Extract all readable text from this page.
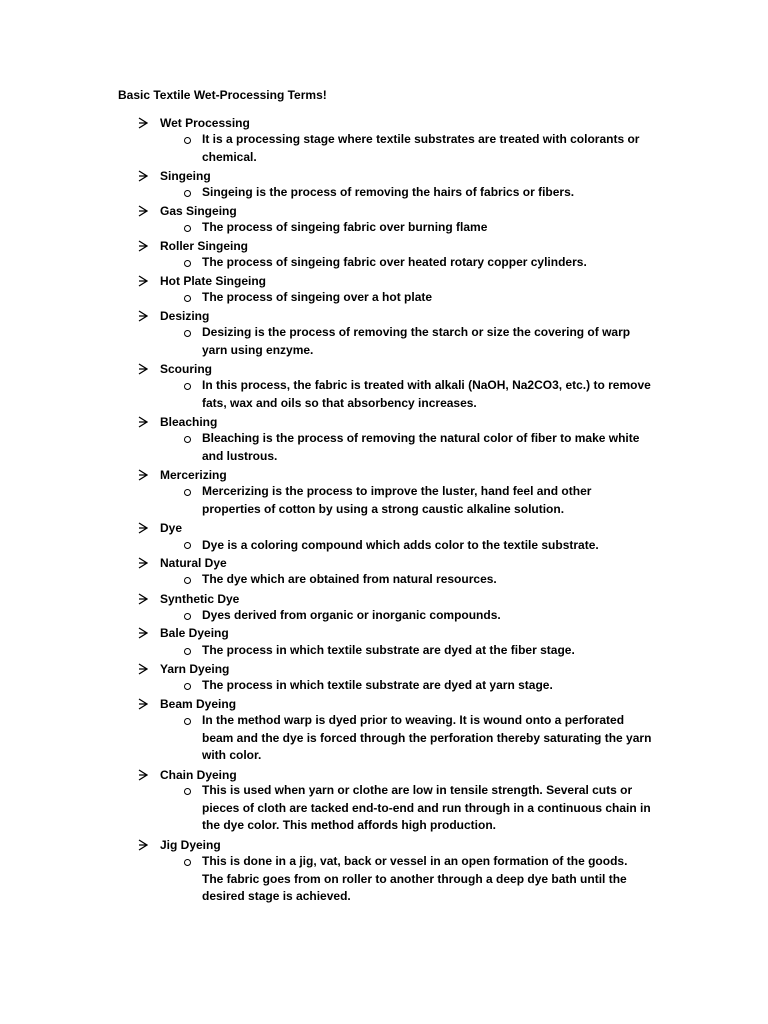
Basic Textile Wet-Processing Terms!
Wet Processing
It is a processing stage where textile substrates are treated with colorants or chemical.
Singeing
Singeing is the process of removing the hairs of fabrics or fibers.
Gas Singeing
The process of singeing fabric over burning flame
Roller Singeing
The process of singeing fabric over heated rotary copper cylinders.
Hot Plate Singeing
The process of singeing over a hot plate
Desizing
Desizing is the process of removing the starch or size the covering of warp yarn using enzyme.
Scouring
In this process, the fabric is treated with alkali (NaOH, Na2CO3, etc.) to remove fats, wax and oils so that absorbency increases.
Bleaching
Bleaching is the process of removing the natural color of fiber to make white and lustrous.
Mercerizing
Mercerizing is the process to improve the luster, hand feel and other properties of cotton by using a strong caustic alkaline solution.
Dye
Dye is a coloring compound which adds color to the textile substrate.
Natural Dye
The dye which are obtained from natural resources.
Synthetic Dye
Dyes derived from organic or inorganic compounds.
Bale Dyeing
The process in which textile substrate are dyed at the fiber stage.
Yarn Dyeing
The process in which textile substrate are dyed at yarn stage.
Beam Dyeing
In the method warp is dyed prior to weaving. It is wound onto a perforated beam and the dye is forced through the perforation thereby saturating the yarn with color.
Chain Dyeing
This is used when yarn or clothe are low in tensile strength. Several cuts or pieces of cloth are tacked end-to-end and run through in a continuous chain in the dye color. This method affords high production.
Jig Dyeing
This is done in a jig, vat, back or vessel in an open formation of the goods. The fabric goes from on roller to another through a deep dye bath until the desired stage is achieved.
